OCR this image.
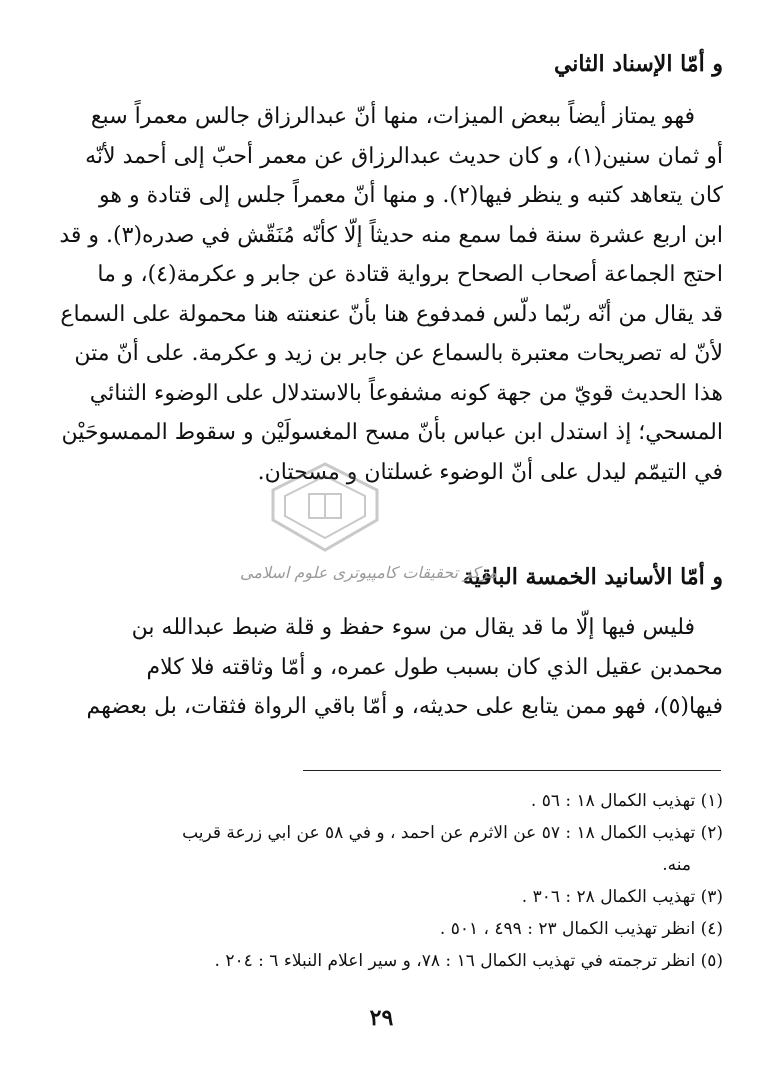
و أمّا الإسناد الثاني
فهو يمتاز أيضاً ببعض الميزات، منها أنّ عبدالرزاق جالس معمراً سبع
أو ثمان سنين(١)، و كان حديث عبدالرزاق عن معمر أحبّ إلى أحمد لأنّه
كان يتعاهد كتبه و ينظر فيها(٢). و منها أنّ معمراً جلس إلى قتادة و هو
ابن اربع عشرة سنة فما سمع منه حديثاً إلّا كأنّه مُنَقّش في صدره(٣). و قد
احتج الجماعة أصحاب الصحاح برواية قتادة عن جابر و عكرمة(٤)، و ما
قد يقال من أنّه ربّما دلّس فمدفوع هنا بأنّ عنعنته هنا محمولة على السماع
لأنّ له تصريحات معتبرة بالسماع عن جابر بن زيد و عكرمة. على أنّ متن
هذا الحديث قويّ من جهة كونه مشفوعاً بالاستدلال على الوضوء الثنائي
المسحي؛ إذ استدل ابن عباس بأنّ مسح المغسولَيْن و سقوط الممسوحَيْن
في التيمّم ليدل على أنّ الوضوء غسلتان و مسحتان.
و أمّا الأسانيد الخمسة الباقية
مرکز تحقیقات کامپیوتری علوم اسلامی
فليس فيها إلّا ما قد يقال من سوء حفظ و قلة ضبط عبدالله بن
محمدبن عقيل الذي كان بسبب طول عمره، و أمّا وثاقته فلا كلام
فيها(٥)، فهو ممن يتابع على حديثه، و أمّا باقي الرواة فثقات، بل بعضهم
(١) تهذيب الكمال ١٨ : ٥٦ .
(٢) تهذيب الكمال ١٨ : ٥٧ عن الاثرم عن احمد ، و في ٥٨ عن ابي زرعة قريب
منه.
(٣) تهذيب الكمال ٢٨ : ٣٠٦ .
(٤) انظر تهذيب الكمال ٢٣ : ٤٩٩ ، ٥٠١ .
(٥) انظر ترجمته في تهذيب الكمال ١٦ : ٧٨، و سير اعلام النبلاء ٦ : ٢٠٤ .
٢٩
